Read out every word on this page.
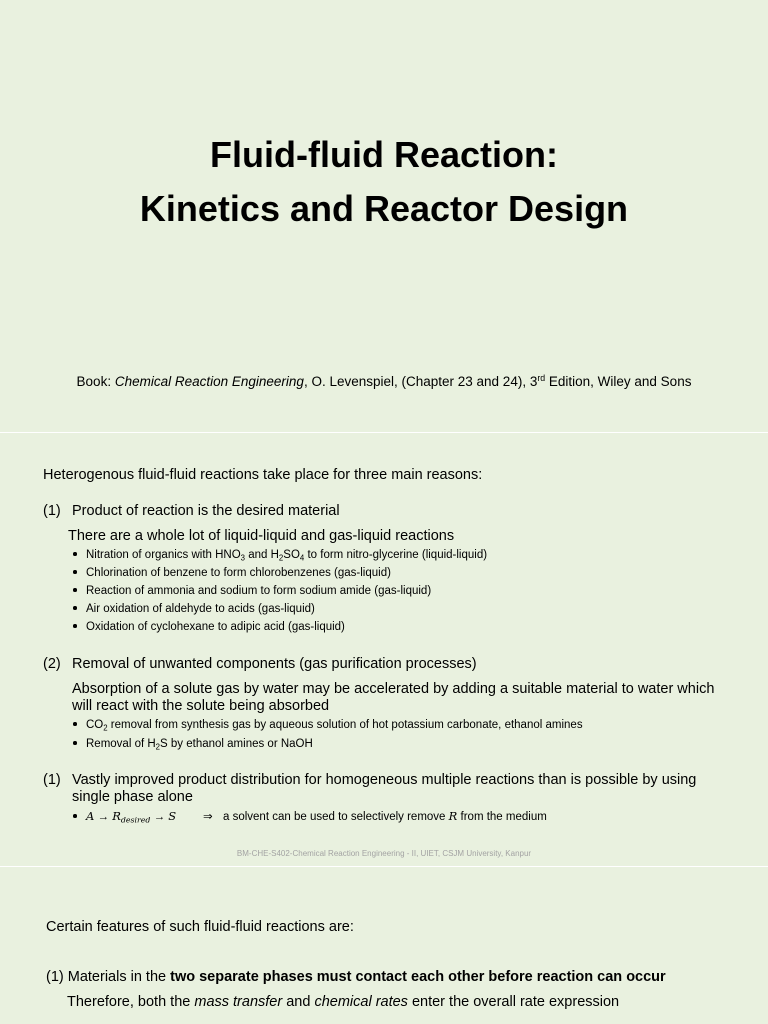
Fluid-fluid Reaction:
Kinetics and Reactor Design
Book: Chemical Reaction Engineering, O. Levenspiel, (Chapter 23 and 24), 3rd Edition, Wiley and Sons
Heterogenous fluid-fluid reactions take place for three main reasons:
(1) Product of reaction is the desired material
There are a whole lot of liquid-liquid and gas-liquid reactions
Nitration of organics with $HNO_3$ and $H_2SO_4$ to form nitro-glycerine (liquid-liquid)
Chlorination of benzene to form chlorobenzenes (gas-liquid)
Reaction of ammonia and sodium to form sodium amide (gas-liquid)
Air oxidation of aldehyde to acids (gas-liquid)
Oxidation of cyclohexane to adipic acid (gas-liquid)
(2) Removal of unwanted components (gas purification processes)
Absorption of a solute gas by water may be accelerated by adding a suitable material to water which
will react with the solute being absorbed
$CO_2$ removal from synthesis gas by aqueous solution of hot potassium carbonate, ethanol amines
Removal of $H_2S$ by ethanol amines or NaOH
(1) Vastly improved product distribution for homogeneous multiple reactions than is possible by using
single phase alone
$A \to R_{desired} \to S$ ⇒ a solvent can be used to selectively remove R from the medium
BM-CHE-S402-Chemical Reaction Engineering - II, UIET, CSJM University, Kanpur
Certain features of such fluid-fluid reactions are:
(1) Materials in the two separate phases must contact each other before reaction can occur
Therefore, both the mass transfer and chemical rates enter the overall rate expression
